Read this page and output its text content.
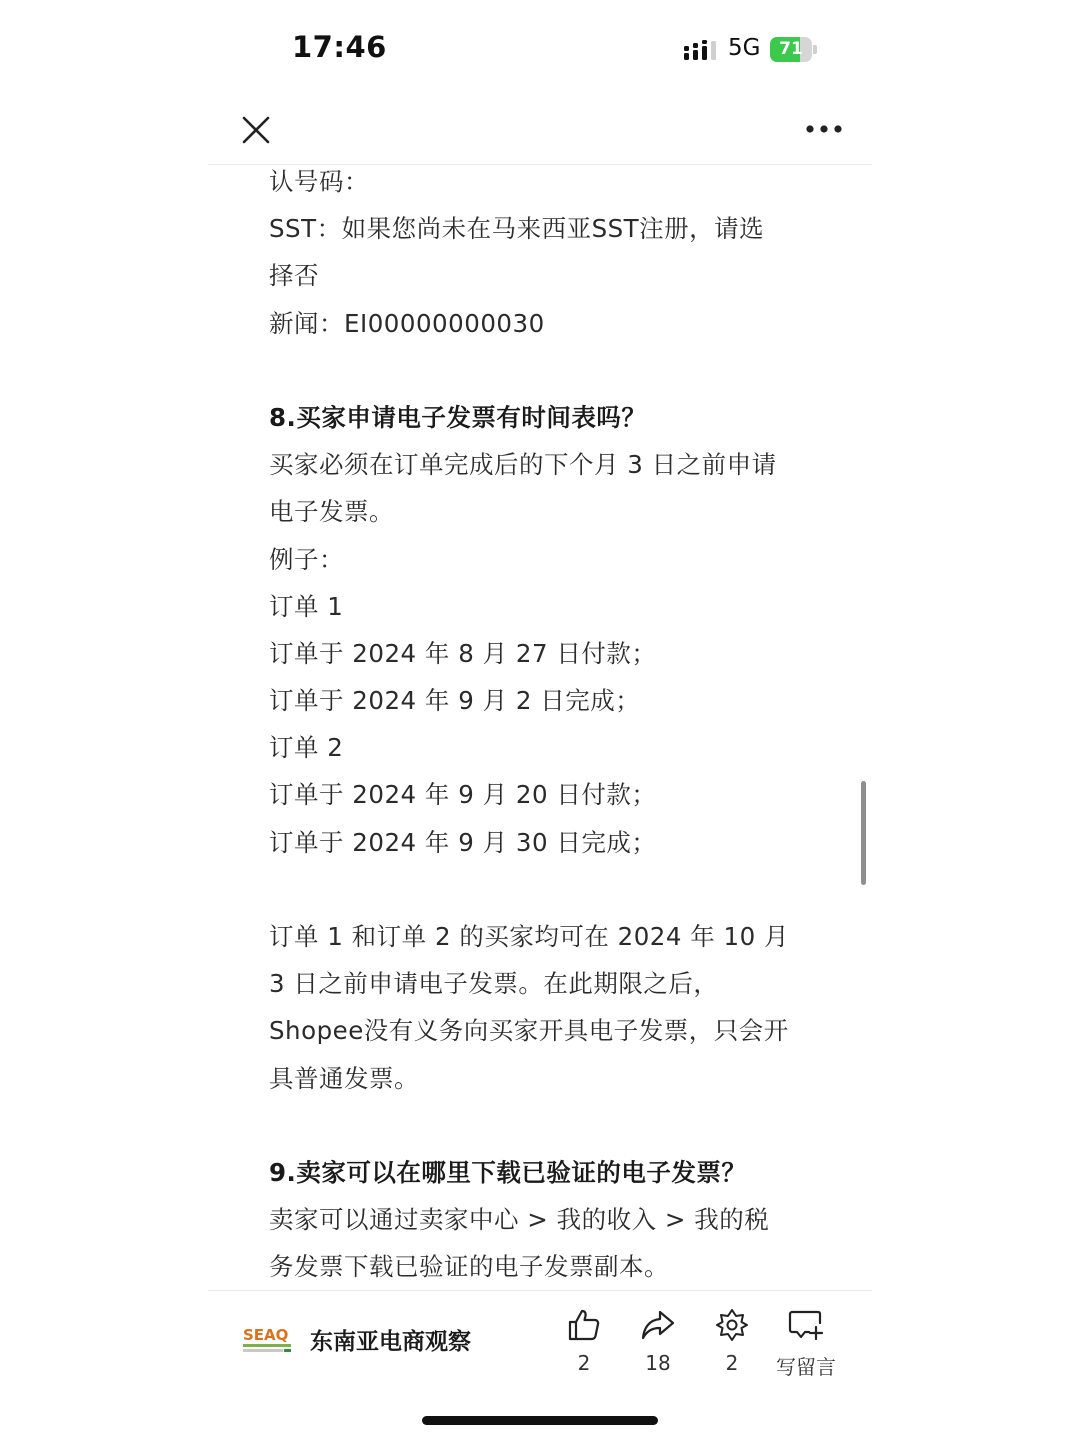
17:46	5G	71
认号码：
SST：如果您尚未在马来西亚SST注册，请选
择否
新闻：EI00000000030
8.买家申请电子发票有时间表吗？
买家必须在订单完成后的下个月 3 日之前申请
电子发票。
例子：
订单 1
订单于 2024 年 8 月 27 日付款；
订单于 2024 年 9 月 2 日完成；
订单 2
订单于 2024 年 9 月 20 日付款；
订单于 2024 年 9 月 30 日完成；
订单 1 和订单 2 的买家均可在 2024 年 10 月
3 日之前申请电子发票。在此期限之后，
Shopee没有义务向买家开具电子发票，只会开
具普通发票。
9.卖家可以在哪里下载已验证的电子发票？
卖家可以通过卖家中心 > 我的收入 > 我的税
务发票下载已验证的电子发票副本。
SEAQ 东南亚电商观察
2	18	2	写留言
